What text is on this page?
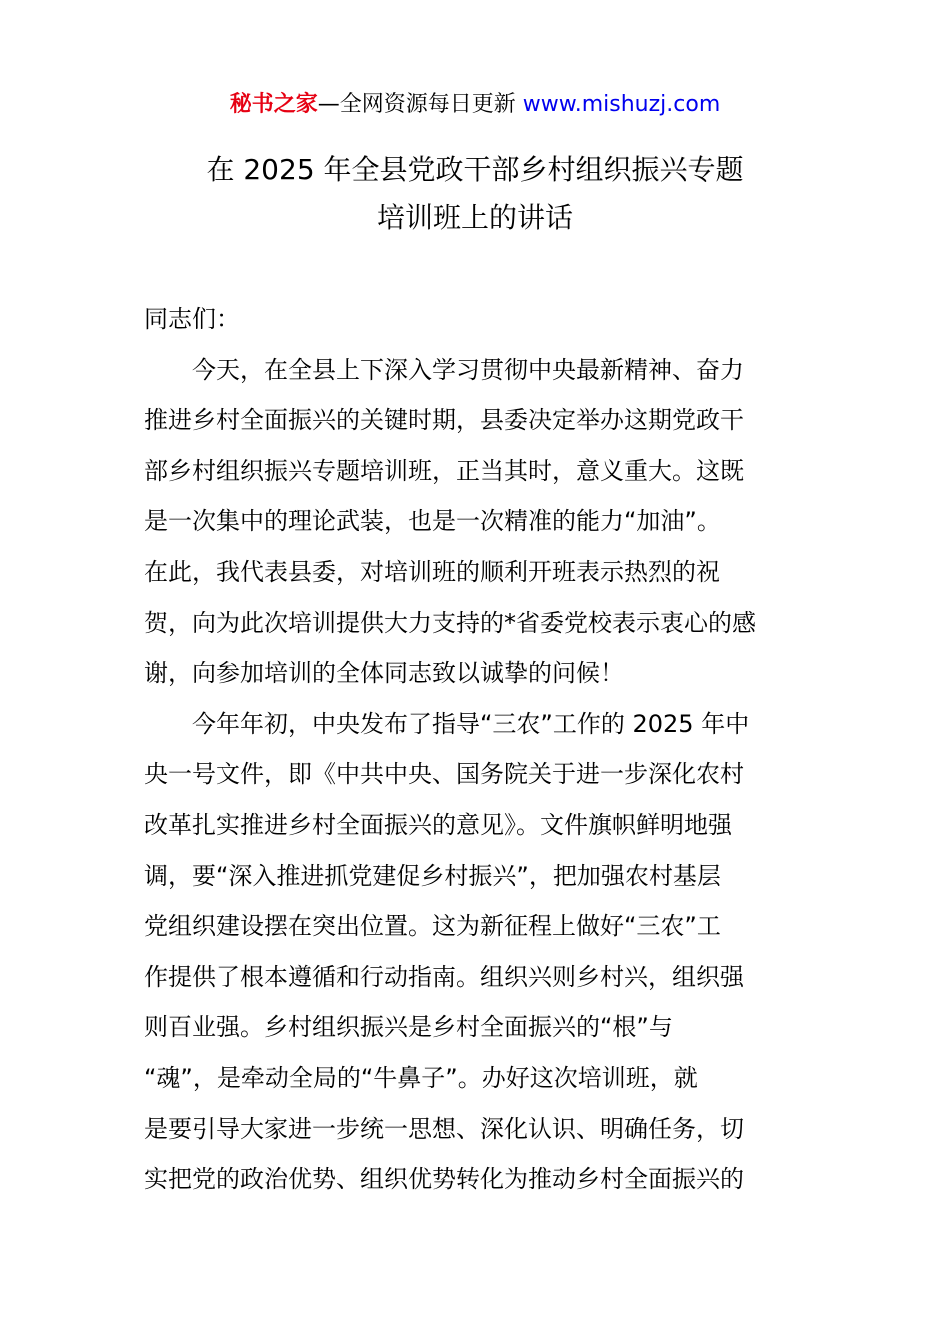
秘书之家—全网资源每日更新 www.mishuzj.com
在 2025 年全县党政干部乡村组织振兴专题
培训班上的讲话
同志们：
今天，在全县上下深入学习贯彻中央最新精神、奋力
推进乡村全面振兴的关键时期，县委决定举办这期党政干
部乡村组织振兴专题培训班，正当其时，意义重大。这既
是一次集中的理论武装，也是一次精准的能力“加油”。
在此，我代表县委，对培训班的顺利开班表示热烈的祝
贺，向为此次培训提供大力支持的*省委党校表示衷心的感
谢，向参加培训的全体同志致以诚挚的问候！
今年年初，中央发布了指导“三农”工作的 2025 年中
央一号文件，即《中共中央、国务院关于进一步深化农村
改革扎实推进乡村全面振兴的意见》。文件旗帜鲜明地强
调，要“深入推进抓党建促乡村振兴”，把加强农村基层
党组织建设摆在突出位置。这为新征程上做好“三农”工
作提供了根本遵循和行动指南。组织兴则乡村兴，组织强
则百业强。乡村组织振兴是乡村全面振兴的“根”与
“魂”，是牵动全局的“牛鼻子”。办好这次培训班，就
是要引导大家进一步统一思想、深化认识、明确任务，切
实把党的政治优势、组织优势转化为推动乡村全面振兴的
